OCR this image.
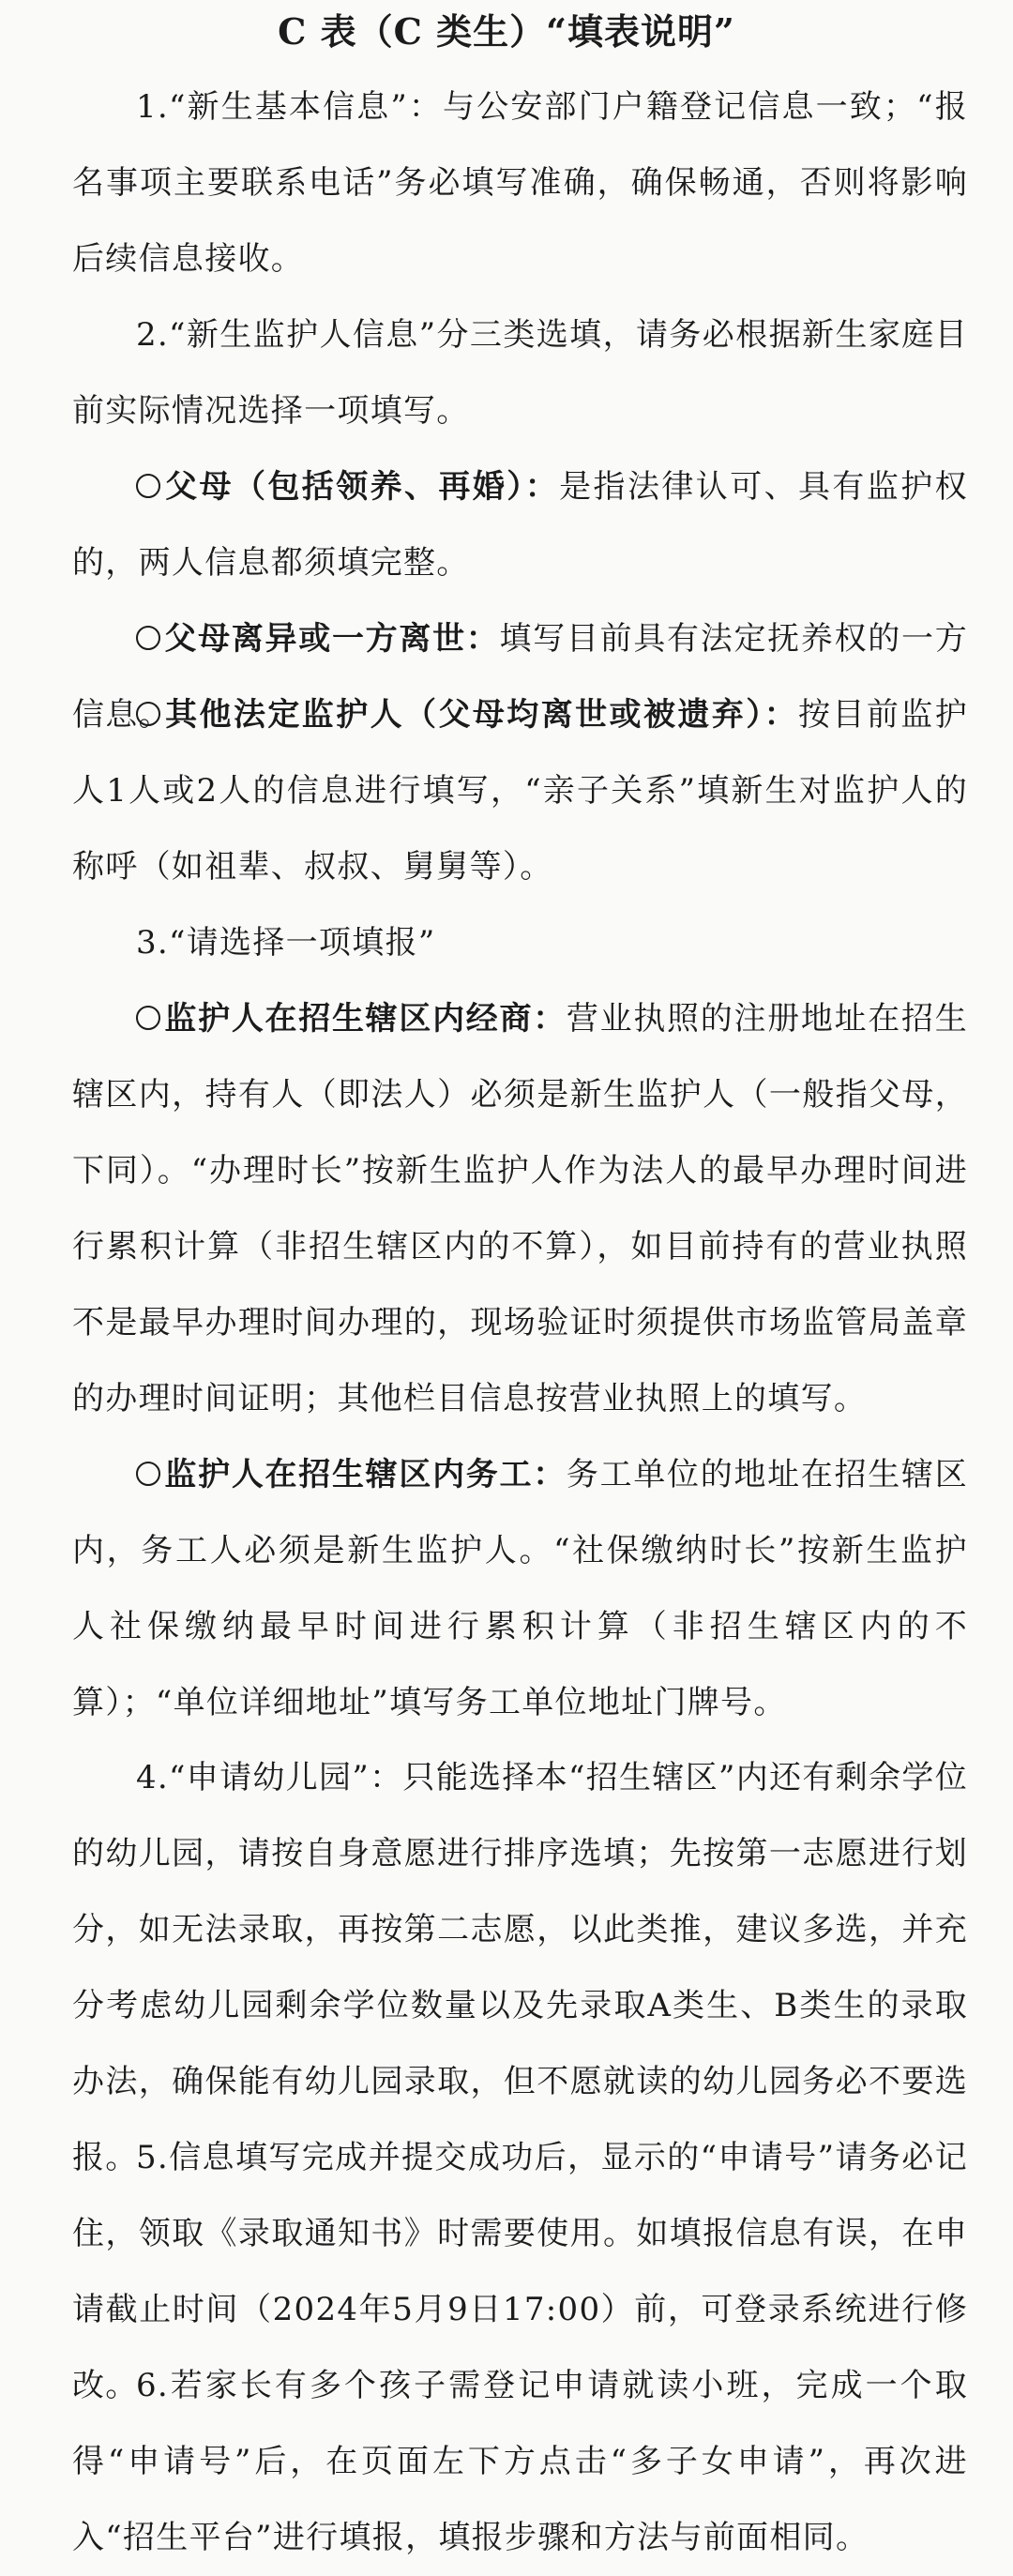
C 表（C 类生）“填表说明”
1.“新生基本信息”：与公安部门户籍登记信息一致；“报名事项主要联系电话”务必填写准确，确保畅通，否则将影响后续信息接收。
2.“新生监护人信息”分三类选填，请务必根据新生家庭目前实际情况选择一项填写。
父母（包括领养、再婚）：是指法律认可、具有监护权的，两人信息都须填完整。
父母离异或一方离世：填写目前具有法定抚养权的一方信息。
其他法定监护人（父母均离世或被遗弃）：按目前监护人1人或2人的信息进行填写，“亲子关系”填新生对监护人的称呼（如祖辈、叔叔、舅舅等）。
3.“请选择一项填报”
监护人在招生辖区内经商：营业执照的注册地址在招生辖区内，持有人（即法人）必须是新生监护人（一般指父母，下同）。“办理时长”按新生监护人作为法人的最早办理时间进行累积计算（非招生辖区内的不算），如目前持有的营业执照不是最早办理时间办理的，现场验证时须提供市场监管局盖章的办理时间证明；其他栏目信息按营业执照上的填写。
监护人在招生辖区内务工：务工单位的地址在招生辖区内，务工人必须是新生监护人。“社保缴纳时长”按新生监护人社保缴纳最早时间进行累积计算（非招生辖区内的不算）；“单位详细地址”填写务工单位地址门牌号。
4.“申请幼儿园”：只能选择本“招生辖区”内还有剩余学位的幼儿园，请按自身意愿进行排序选填；先按第一志愿进行划分，如无法录取，再按第二志愿，以此类推，建议多选，并充分考虑幼儿园剩余学位数量以及先录取A类生、B类生的录取办法，确保能有幼儿园录取，但不愿就读的幼儿园务必不要选报。
5.信息填写完成并提交成功后，显示的“申请号”请务必记住，领取《录取通知书》时需要使用。如填报信息有误，在申请截止时间（2024年5月9日17:00）前，可登录系统进行修改。
6.若家长有多个孩子需登记申请就读小班，完成一个取得“申请号”后，在页面左下方点击“多子女申请”，再次进入“招生平台”进行填报，填报步骤和方法与前面相同。
